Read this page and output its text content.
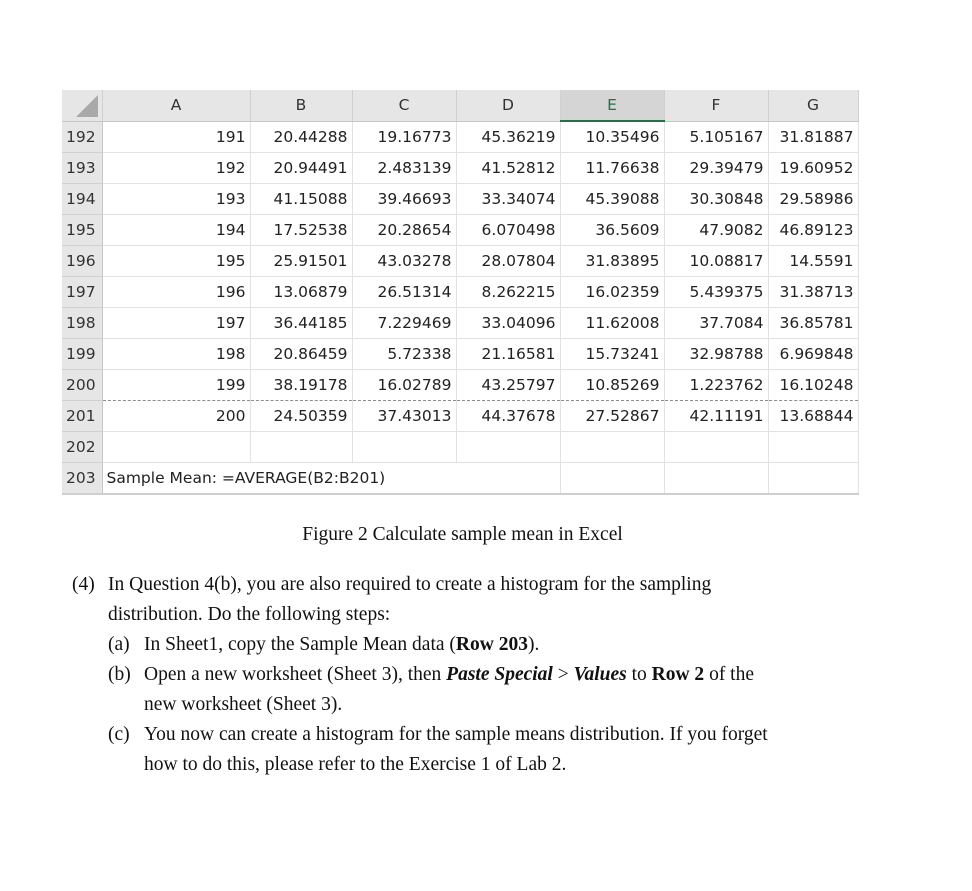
	A	B	C	D	E	F	G
192	191	20.44288	19.16773	45.36219	10.35496	5.105167	31.81887
193	192	20.94491	2.483139	41.52812	11.76638	29.39479	19.60952
194	193	41.15088	39.46693	33.34074	45.39088	30.30848	29.58986
195	194	17.52538	20.28654	6.070498	36.5609	47.9082	46.89123
196	195	25.91501	43.03278	28.07804	31.83895	10.08817	14.5591
197	196	13.06879	26.51314	8.262215	16.02359	5.439375	31.38713
198	197	36.44185	7.229469	33.04096	11.62008	37.7084	36.85781
199	198	20.86459	5.72338	21.16581	15.73241	32.98788	6.969848
200	199	38.19178	16.02789	43.25797	10.85269	1.223762	16.10248
201	200	24.50359	37.43013	44.37678	27.52867	42.11191	13.68844
202							
203	Sample Mean: =AVERAGE(B2:B201)						
Figure 2 Calculate sample mean in Excel
(4) In Question 4(b), you are also required to create a histogram for the sampling
distribution. Do the following steps:
(a) In Sheet1, copy the Sample Mean data (Row 203).
(b) Open a new worksheet (Sheet 3), then Paste Special > Values to Row 2 of the
new worksheet (Sheet 3).
(c) You now can create a histogram for the sample means distribution. If you forget
how to do this, please refer to the Exercise 1 of Lab 2.
